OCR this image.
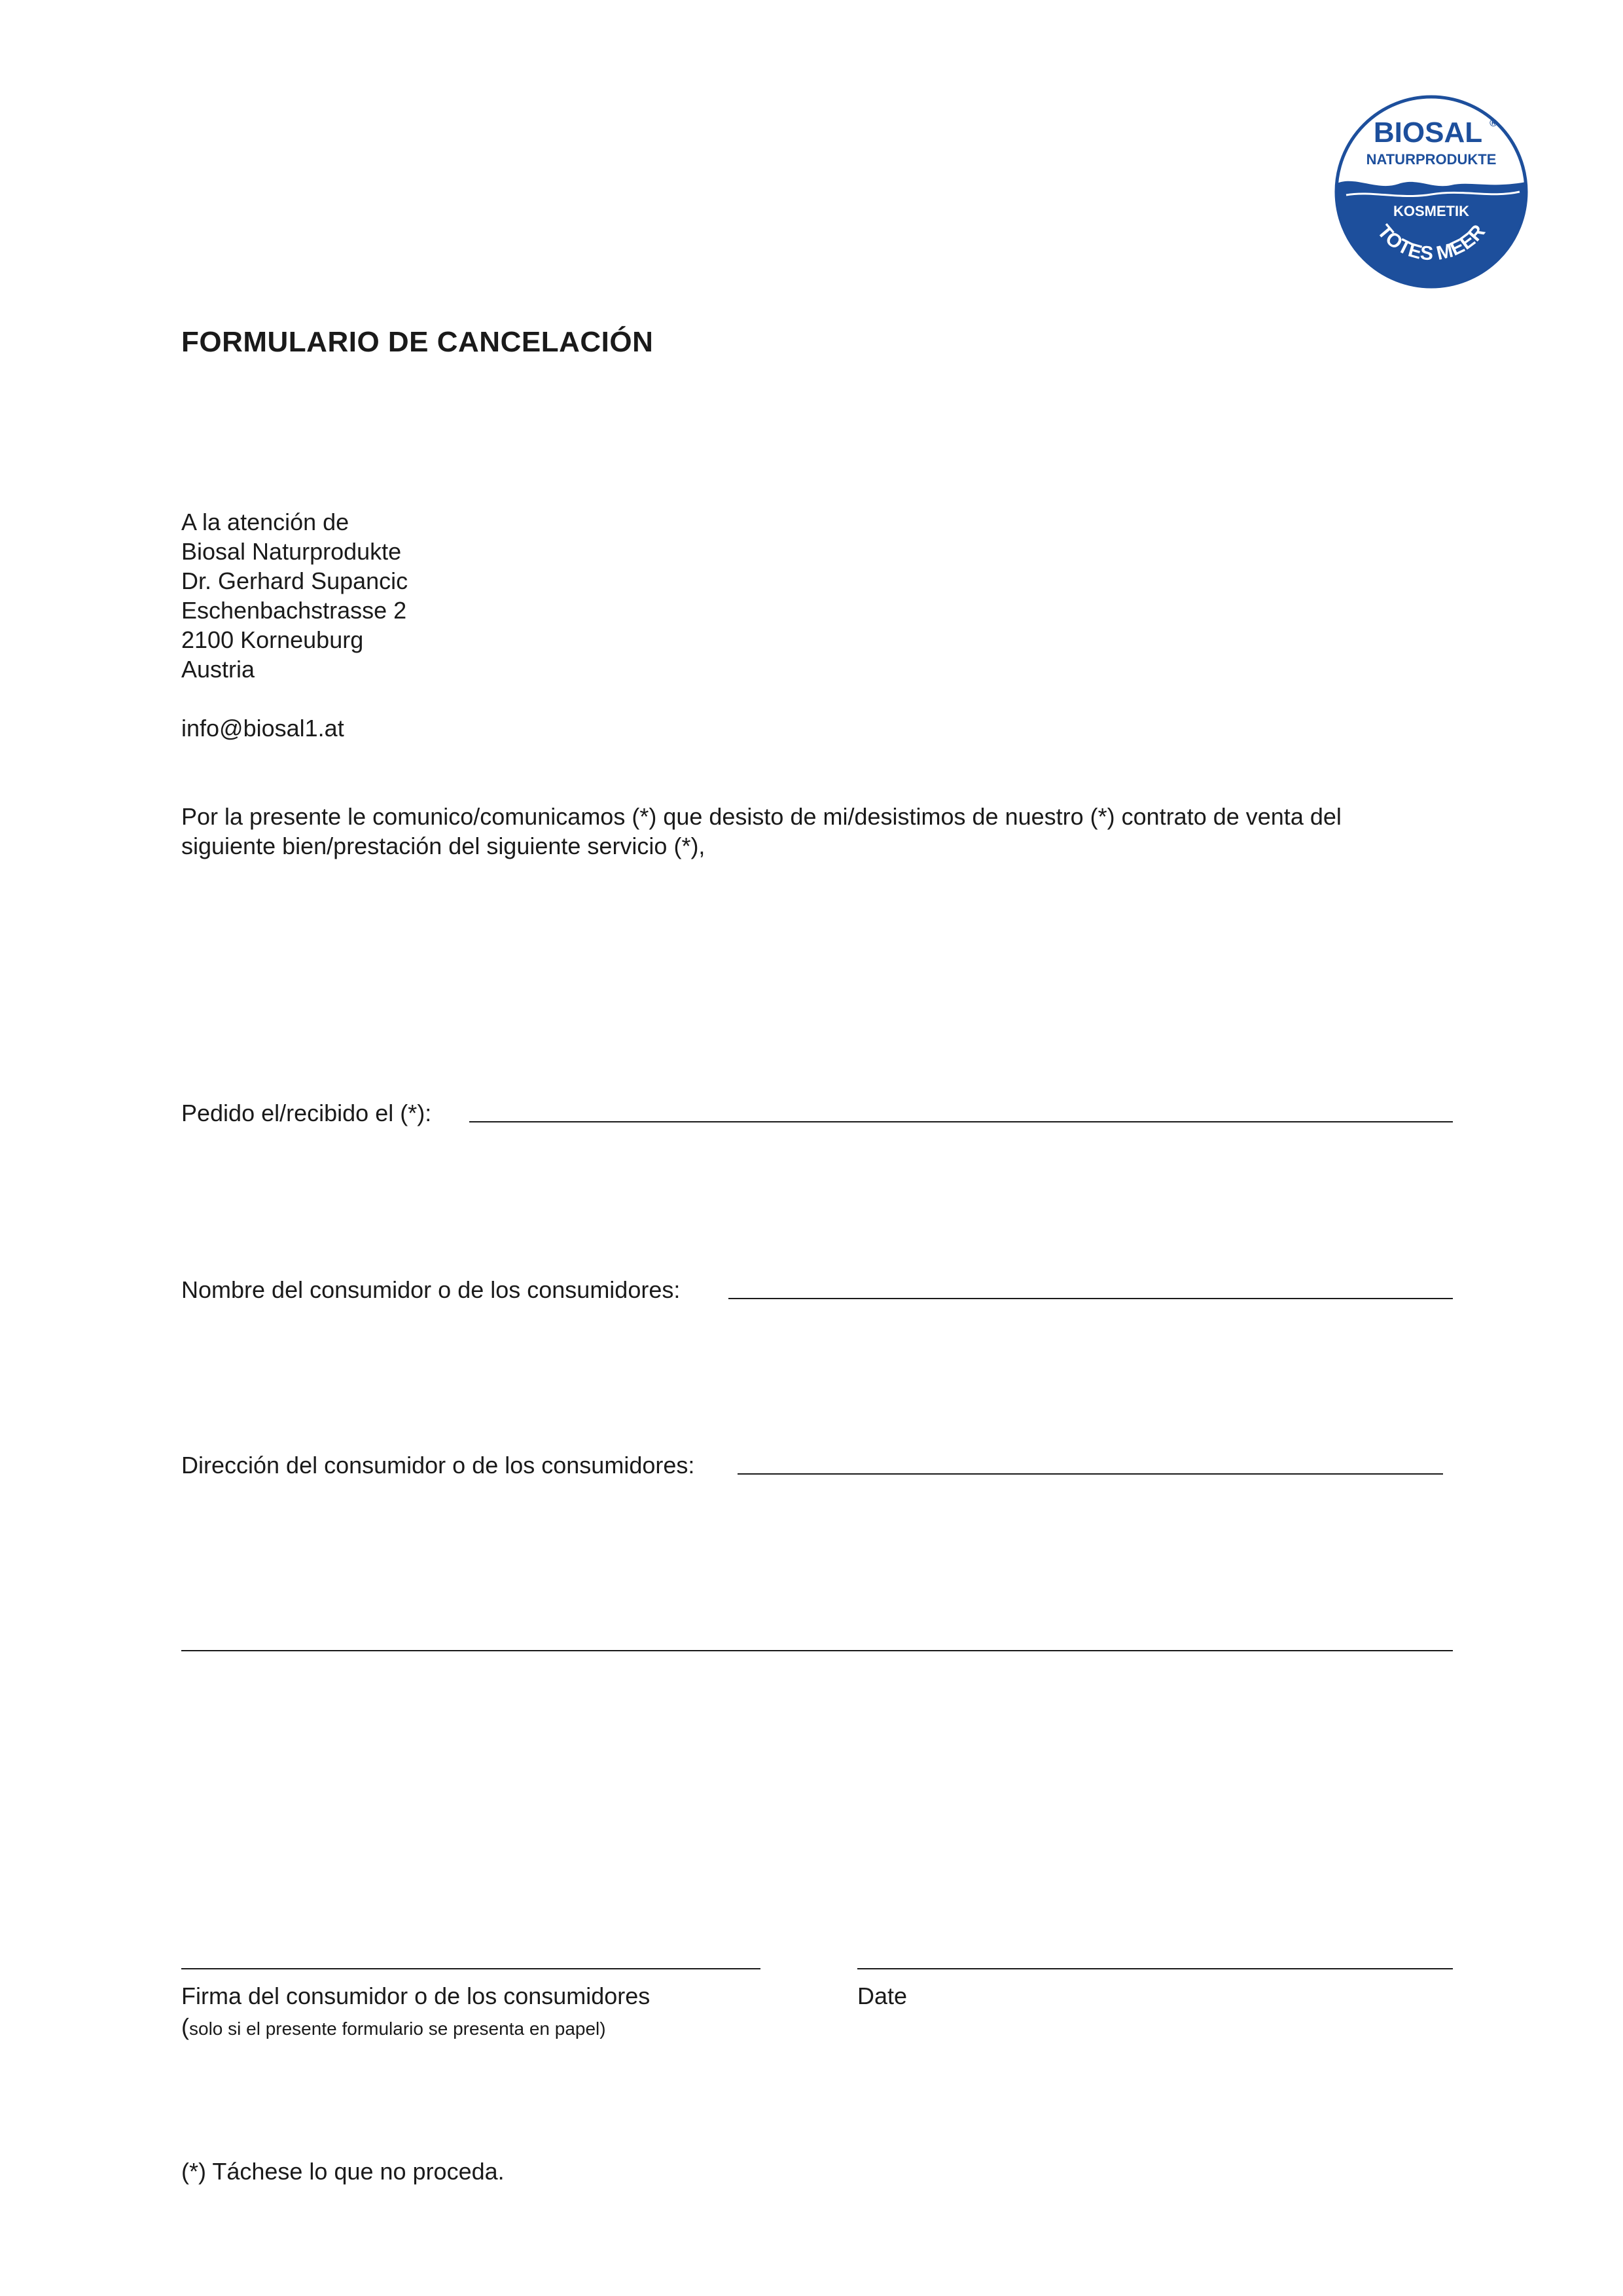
BIOSAL ®
NATURPRODUKTE
KOSMETIK
TOTES MEER
FORMULARIO DE CANCELACIÓN
A la atención de
Biosal Naturprodukte
Dr. Gerhard Supancic
Eschenbachstrasse 2
2100 Korneuburg
Austria
info@biosal1.at
Por la presente le comunico/comunicamos (*) que desisto de mi/desistimos de nuestro (*) contrato de venta del
siguiente bien/prestación del siguiente servicio (*),
Pedido el/recibido el (*):
Nombre del consumidor o de los consumidores:
Dirección del consumidor o de los consumidores:
Firma del consumidor o de los consumidores
(solo si el presente formulario se presenta en papel)
Date
(*) Táchese lo que no proceda.
